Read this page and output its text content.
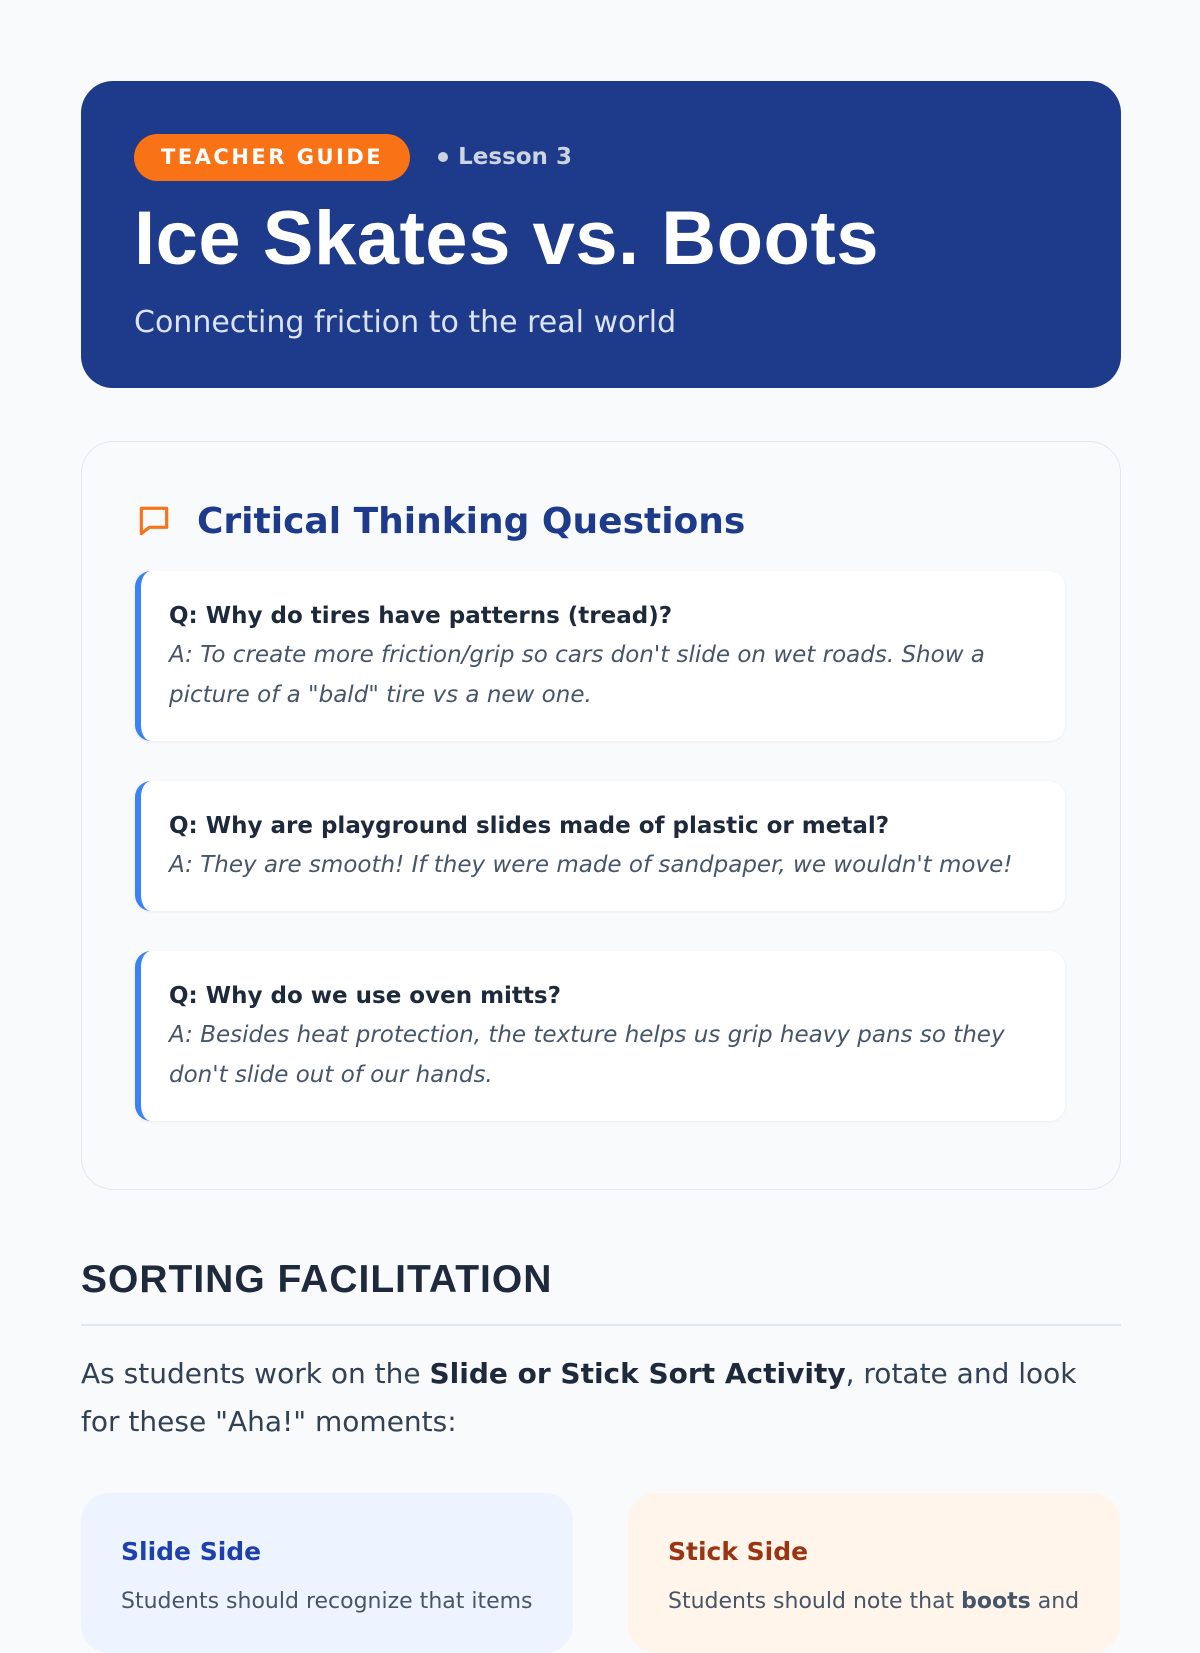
TEACHER GUIDE	Lesson 3
Ice Skates vs. Boots
Connecting friction to the real world
Critical Thinking Questions
Q: Why do tires have patterns (tread)?
A: To create more friction/grip so cars don't slide on wet roads. Show a picture of a "bald" tire vs a new one.
Q: Why are playground slides made of plastic or metal?
A: They are smooth! If they were made of sandpaper, we wouldn't move!
Q: Why do we use oven mitts?
A: Besides heat protection, the texture helps us grip heavy pans so they don't slide out of our hands.
SORTING FACILITATION

As students work on the Slide or Stick Sort Activity, rotate and look for these "Aha!" moments:

Slide Side
Students should recognize that items
Stick Side
Students should note that boots and
